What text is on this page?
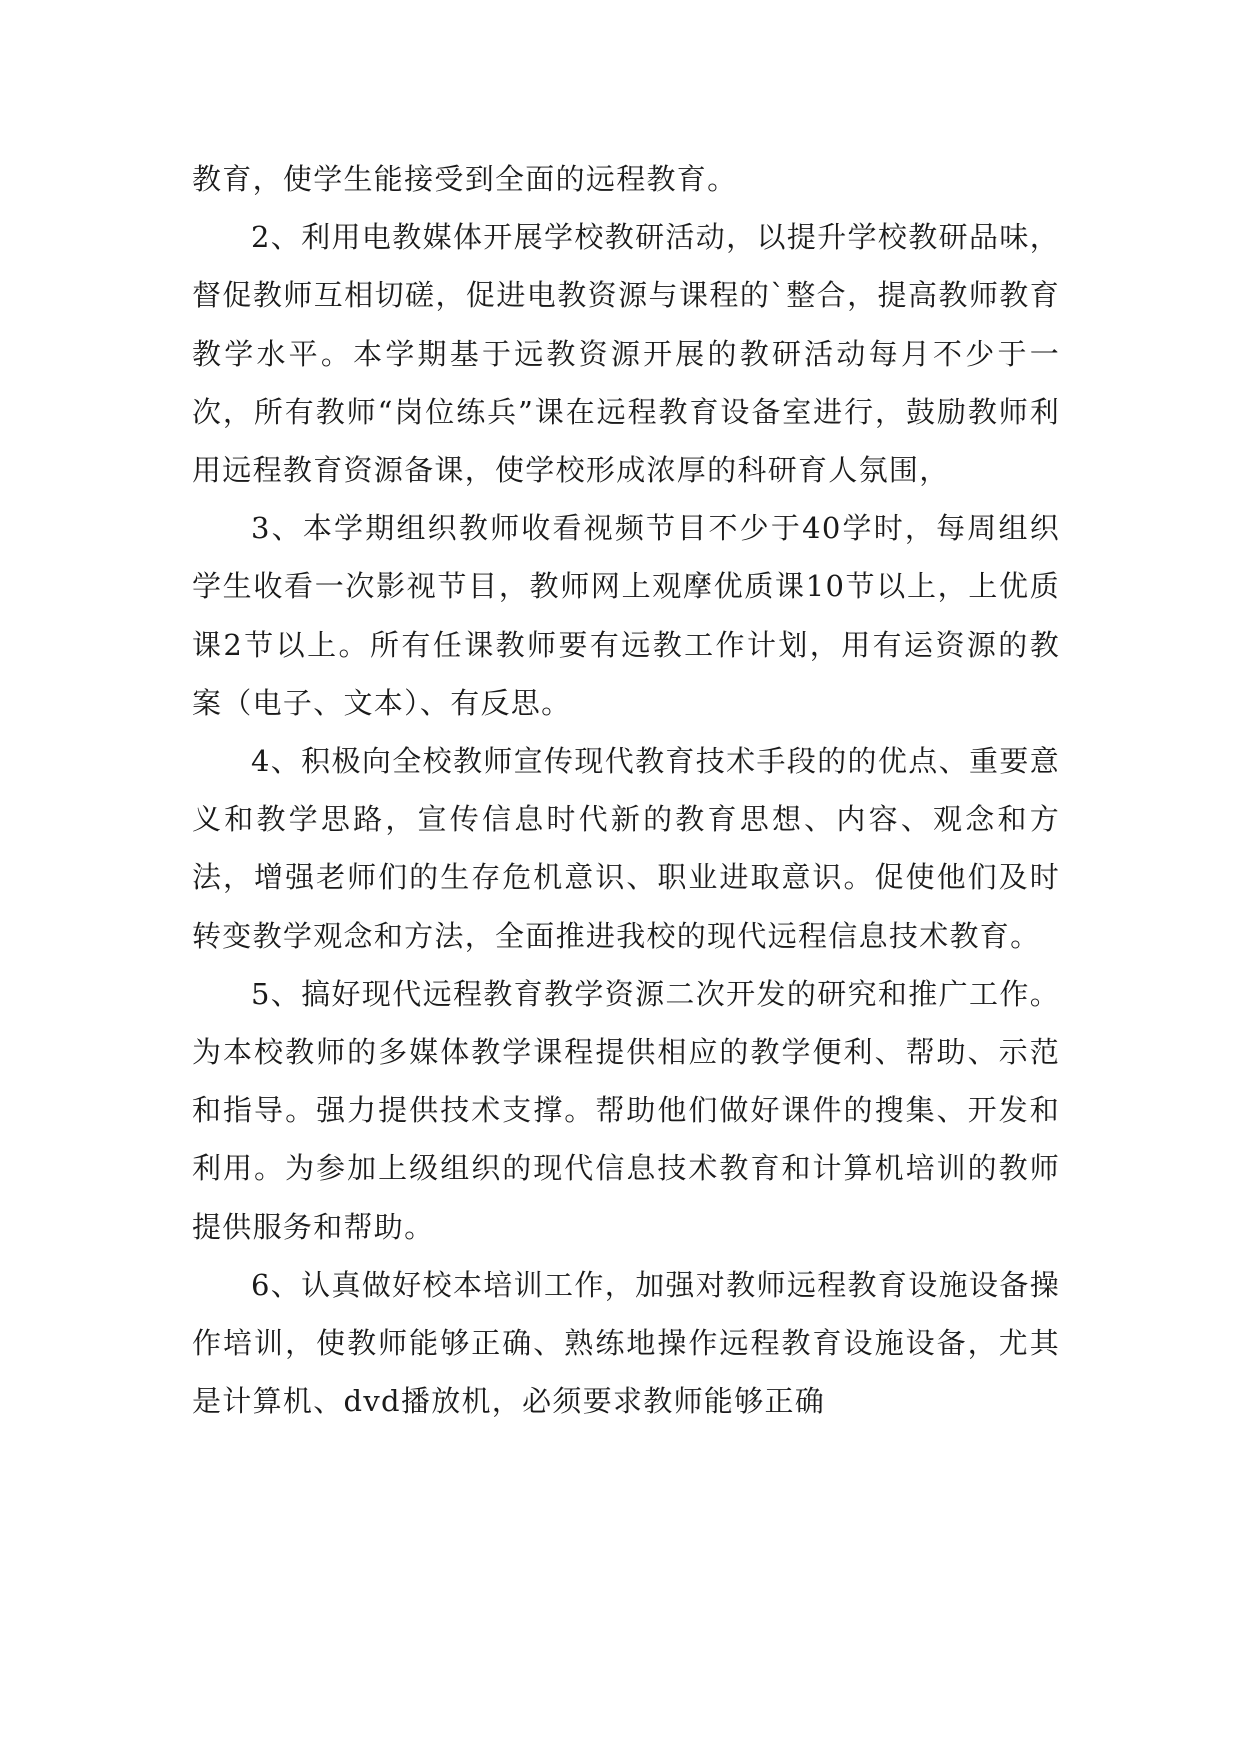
教育，使学生能接受到全面的远程教育。

2、利用电教媒体开展学校教研活动，以提升学校教研品味，督促教师互相切磋，促进电教资源与课程的`整合，提高教师教育教学水平。本学期基于远教资源开展的教研活动每月不少于一次，所有教师“岗位练兵”课在远程教育设备室进行，鼓励教师利用远程教育资源备课，使学校形成浓厚的科研育人氛围，

3、本学期组织教师收看视频节目不少于40学时，每周组织学生收看一次影视节目，教师网上观摩优质课10节以上，上优质课2节以上。所有任课教师要有远教工作计划，用有运资源的教案（电子、文本）、有反思。

4、积极向全校教师宣传现代教育技术手段的的优点、重要意义和教学思路，宣传信息时代新的教育思想、内容、观念和方法，增强老师们的生存危机意识、职业进取意识。促使他们及时转变教学观念和方法，全面推进我校的现代远程信息技术教育。

5、搞好现代远程教育教学资源二次开发的研究和推广工作。为本校教师的多媒体教学课程提供相应的教学便利、帮助、示范和指导。强力提供技术支撑。帮助他们做好课件的搜集、开发和利用。为参加上级组织的现代信息技术教育和计算机培训的教师提供服务和帮助。

6、认真做好校本培训工作，加强对教师远程教育设施设备操作培训，使教师能够正确、熟练地操作远程教育设施设备，尤其是计算机、dvd播放机，必须要求教师能够正确
